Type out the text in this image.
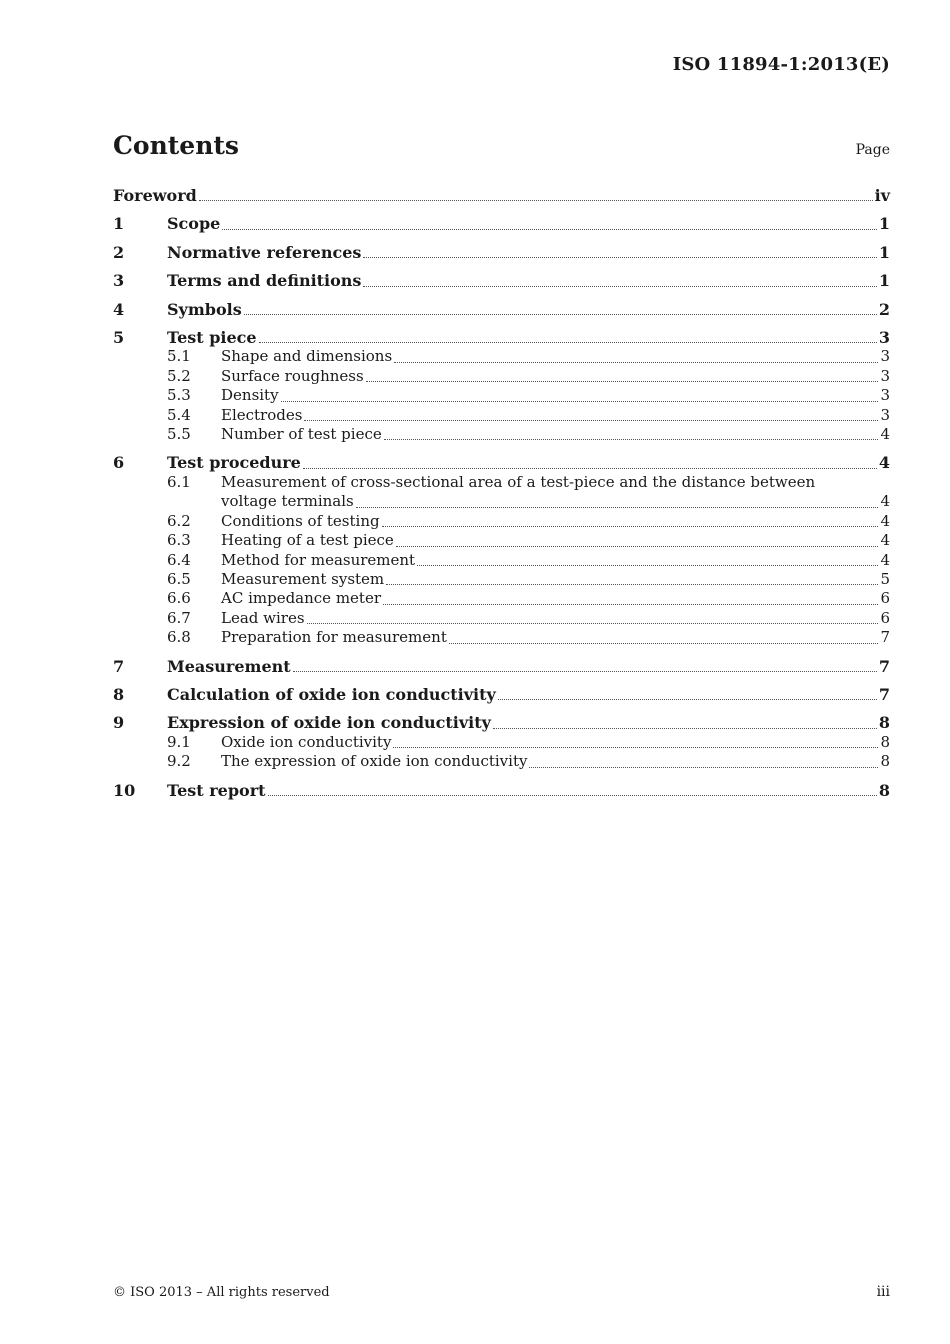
ISO 11894-1:2013(E)
Contents	Page
Foreword	iv
1	Scope	1
2	Normative references	1
3	Terms and definitions	1
4	Symbols	2
5	Test piece	3
5.1	Shape and dimensions	3
5.2	Surface roughness	3
5.3	Density	3
5.4	Electrodes	3
5.5	Number of test piece	4
6	Test procedure	4
6.1	Measurement of cross-sectional area of a test-piece and the distance between
voltage terminals	4
6.2	Conditions of testing	4
6.3	Heating of a test piece	4
6.4	Method for measurement	4
6.5	Measurement system	5
6.6	AC impedance meter	6
6.7	Lead wires	6
6.8	Preparation for measurement	7
7	Measurement	7
8	Calculation of oxide ion conductivity	7
9	Expression of oxide ion conductivity	8
9.1	Oxide ion conductivity	8
9.2	The expression of oxide ion conductivity	8
10	Test report	8
© ISO 2013 – All rights reserved	iii
